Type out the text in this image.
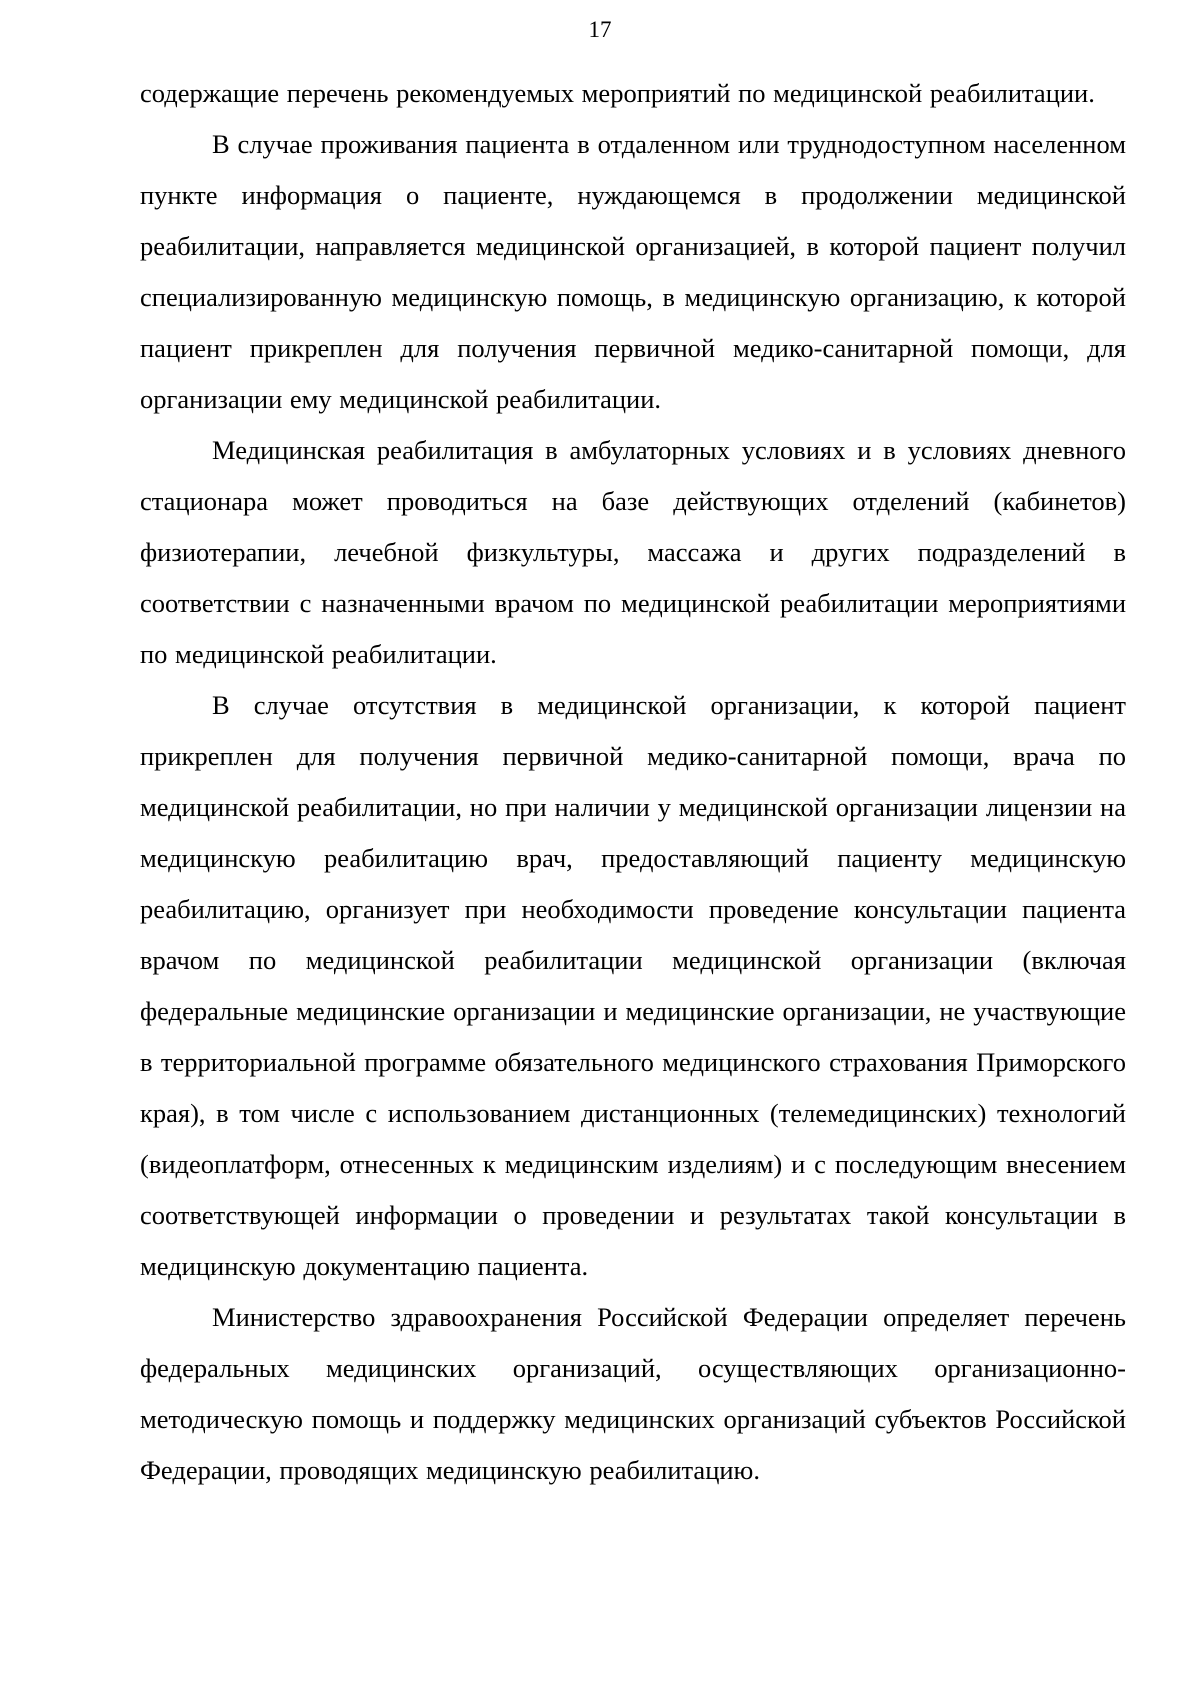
17

содержащие перечень рекомендуемых мероприятий по медицинской реабилитации.

В случае проживания пациента в отдаленном или труднодоступном населенном пункте информация о пациенте, нуждающемся в продолжении медицинской реабилитации, направляется медицинской организацией, в которой пациент получил специализированную медицинскую помощь, в медицинскую организацию, к которой пациент прикреплен для получения первичной медико-санитарной помощи, для организации ему медицинской реабилитации.

Медицинская реабилитация в амбулаторных условиях и в условиях дневного стационара может проводиться на базе действующих отделений (кабинетов) физиотерапии, лечебной физкультуры, массажа и других подразделений в соответствии с назначенными врачом по медицинской реабилитации мероприятиями по медицинской реабилитации.

В случае отсутствия в медицинской организации, к которой пациент прикреплен для получения первичной медико-санитарной помощи, врача по медицинской реабилитации, но при наличии у медицинской организации лицензии на медицинскую реабилитацию врач, предоставляющий пациенту медицинскую реабилитацию, организует при необходимости проведение консультации пациента врачом по медицинской реабилитации медицинской организации (включая федеральные медицинские организации и медицинские организации, не участвующие в территориальной программе обязательного медицинского страхования Приморского края), в том числе с использованием дистанционных (телемедицинских) технологий (видеоплатформ, отнесенных к медицинским изделиям) и с последующим внесением соответствующей информации о проведении и результатах такой консультации в медицинскую документацию пациента.

Министерство здравоохранения Российской Федерации определяет перечень федеральных медицинских организаций, осуществляющих организационно-методическую помощь и поддержку медицинских организаций субъектов Российской Федерации, проводящих медицинскую реабилитацию.
